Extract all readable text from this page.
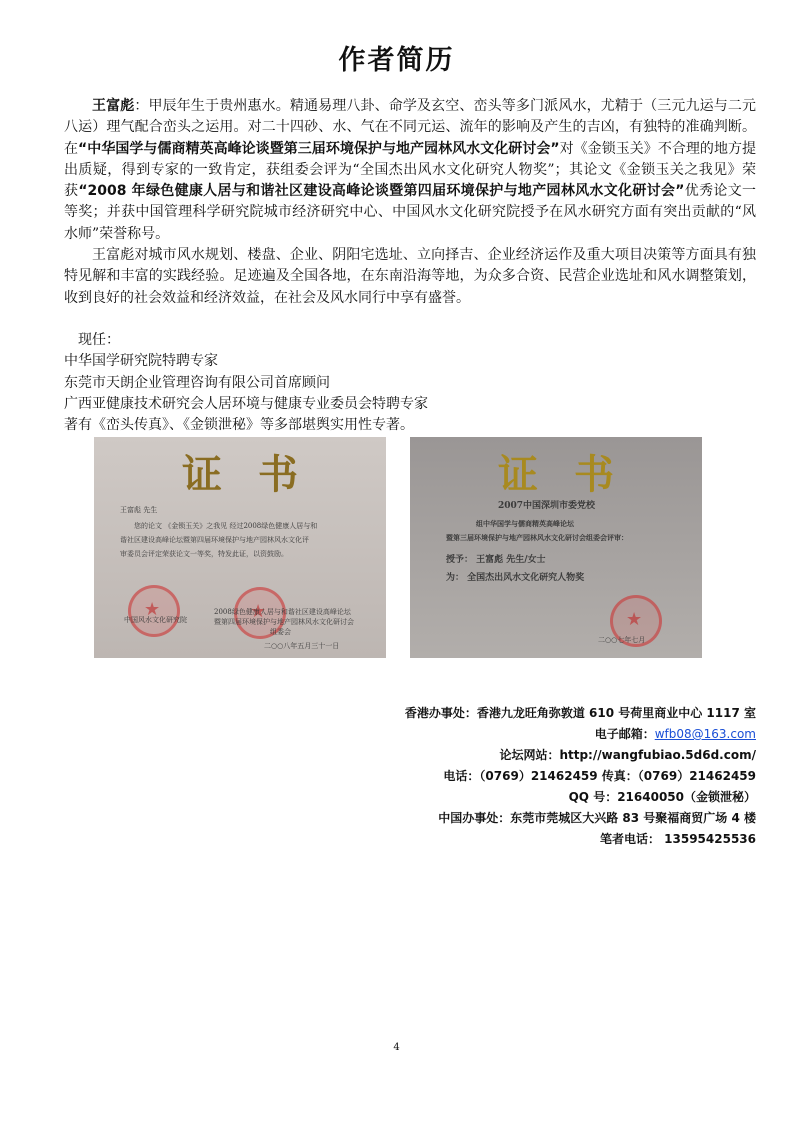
作者简历

王富彪：甲辰年生于贵州惠水。精通易理八卦、命学及玄空、峦头等多门派风水，尤精于（三元九运与二元八运）理气配合峦头之运用。对二十四砂、水、气在不同元运、流年的影响及产生的吉凶，有独特的准确判断。在“中华国学与儒商精英高峰论谈暨第三届环境保护与地产园林风水文化研讨会”对《金锁玉关》不合理的地方提出质疑，得到专家的一致肯定，获组委会评为“全国杰出风水文化研究人物奖”；其论文《金锁玉关之我见》荣获“2008 年绿色健康人居与和谐社区建设高峰论谈暨第四届环境保护与地产园林风水文化研讨会”优秀论文一等奖；并获中国管理科学研究院城市经济研究中心、中国风水文化研究院授予在风水研究方面有突出贡献的“风水师”荣誉称号。

王富彪对城市风水规划、楼盘、企业、阴阳宅选址、立向择吉、企业经济运作及重大项目决策等方面具有独特见解和丰富的实践经验。足迹遍及全国各地，在东南沿海等地，为众多合资、民营企业选址和风水调整策划，收到良好的社会效益和经济效益，在社会及风水同行中享有盛誉。

现任：
中华国学研究院特聘专家
东莞市天朗企业管理咨询有限公司首席顾问
广西亚健康技术研究会人居环境与健康专业委员会特聘专家
著有《峦头传真》、《金锁泄秘》等多部堪舆实用性专著。
证书
王富彪 先生
您的论文 《金锁玉关》之我见 经过2008绿色健康人居与和
谐社区建设高峰论坛暨第四届环境保护与地产园林风水文化评
审委员会评定荣获论文一等奖，特发此证，以资鼓励。
★
★
中国风水文化研究院
2008绿色健康人居与和谐社区建设高峰论坛
暨第四届环境保护与地产园林风水文化研讨会
组委会
二○○八年五月三十一日
证书
2007中国深圳市委党校
组中华国学与儒商精英高峰论坛
暨第三届环境保护与地产园林风水文化研讨会组委会评审：
授予： 王富彪 先生/女士
为： 全国杰出风水文化研究人物奖
★
二○○七年七月
香港办事处：香港九龙旺角弥敦道 610 号荷里商业中心 1117 室
电子邮箱：wfb08@163.com
论坛网站：http://wangfubiao.5d6d.com/
电话：（0769）21462459 传真：（0769）21462459
QQ 号：21640050（金锁泄秘）
中国办事处：东莞市莞城区大兴路 83 号聚福商贸广场 4 楼
笔者电话： 13595425536
4
